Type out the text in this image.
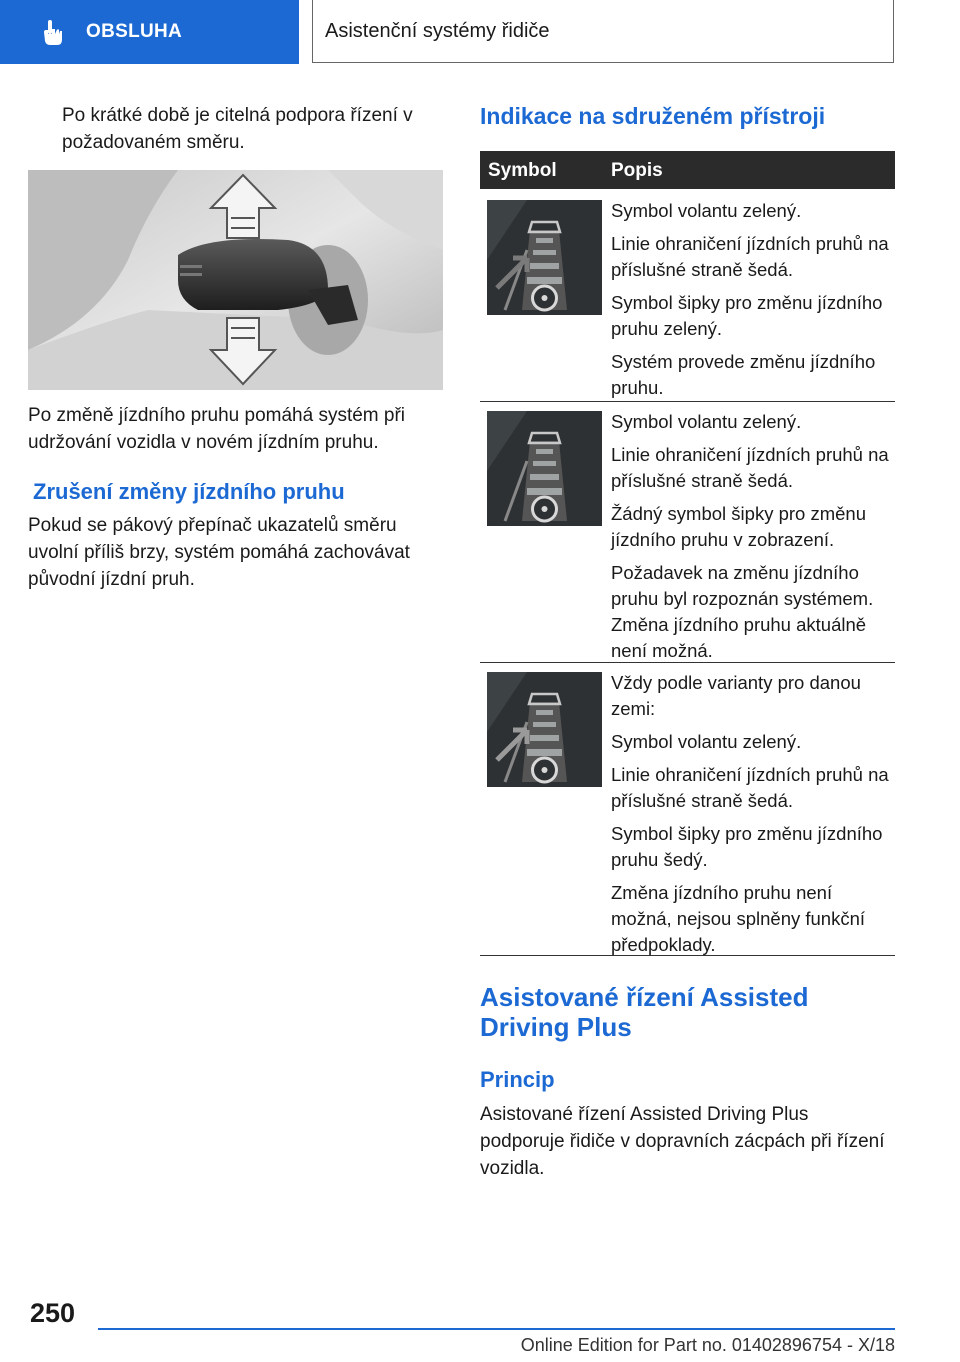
OBSLUHA	Asistenční systémy řidiče

Po krátké době je citelná podpora řízení v požadovaném směru.

Po změně jízdního pruhu pomáhá systém při udržování vozidla v novém jízdním pruhu.

Zrušení změny jízdního pruhu

Pokud se pákový přepínač ukazatelů směru uvolní příliš brzy, systém pomáhá zachovávat původní jízdní pruh.

Indikace na sdruženém přístroji
Symbol	Popis

Symbol volantu zelený.

Linie ohraničení jízdních pruhů na příslušné straně šedá.

Symbol šipky pro změnu jízdního pruhu zelený.

Systém provede změnu jízdního pruhu.

Symbol volantu zelený.

Linie ohraničení jízdních pruhů na příslušné straně šedá.

Žádný symbol šipky pro změnu jízdního pruhu v zobrazení.

Požadavek na změnu jízdního pruhu byl rozpoznán systémem. Změna jízdního pruhu aktuálně není možná.

Vždy podle varianty pro danou zemi:

Symbol volantu zelený.

Linie ohraničení jízdních pruhů na příslušné straně šedá.

Symbol šipky pro změnu jízdního pruhu šedý.

Změna jízdního pruhu není možná, nejsou splněny funkční předpoklady.

Asistované řízení Assisted Driving Plus
Princip

Asistované řízení Assisted Driving Plus podporuje řidiče v dopravních zácpách při řízení vozidla.

250
Online Edition for Part no. 01402896754 - X/18
